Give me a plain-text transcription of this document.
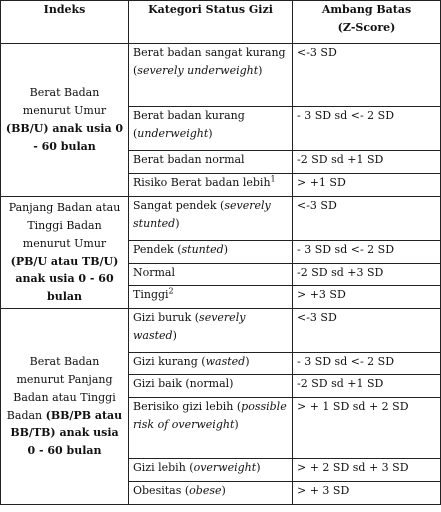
Indeks	Kategori Status Gizi	Ambang Batas
(Z-Score)
Berat Badan menurut Umur (BB/U) anak usia 0 - 60 bulan	Berat badan sangat kurang (severely underweight)	<-3 SD
	Berat badan kurang (underweight)	- 3 SD sd <- 2 SD
	Berat badan normal	-2 SD sd +1 SD
	Risiko Berat badan lebih$^1$	> +1 SD
Panjang Badan atau Tinggi Badan menurut Umur (PB/U atau TB/U) anak usia 0 - 60 bulan	Sangat pendek (severely stunted)	<-3 SD
	Pendek (stunted)	- 3 SD sd <- 2 SD
	Normal	-2 SD sd +3 SD
	Tinggi$^2$	> +3 SD
Berat Badan menurut Panjang Badan atau Tinggi Badan (BB/PB atau BB/TB) anak usia 0 - 60 bulan	Gizi buruk (severely wasted)	<-3 SD
	Gizi kurang (wasted)	- 3 SD sd <- 2 SD
	Gizi baik (normal)	-2 SD sd +1 SD
	Berisiko gizi lebih (possible risk of overweight)	> + 1 SD sd + 2 SD
	Gizi lebih (overweight)	> + 2 SD sd + 3 SD
	Obesitas (obese)	> + 3 SD
